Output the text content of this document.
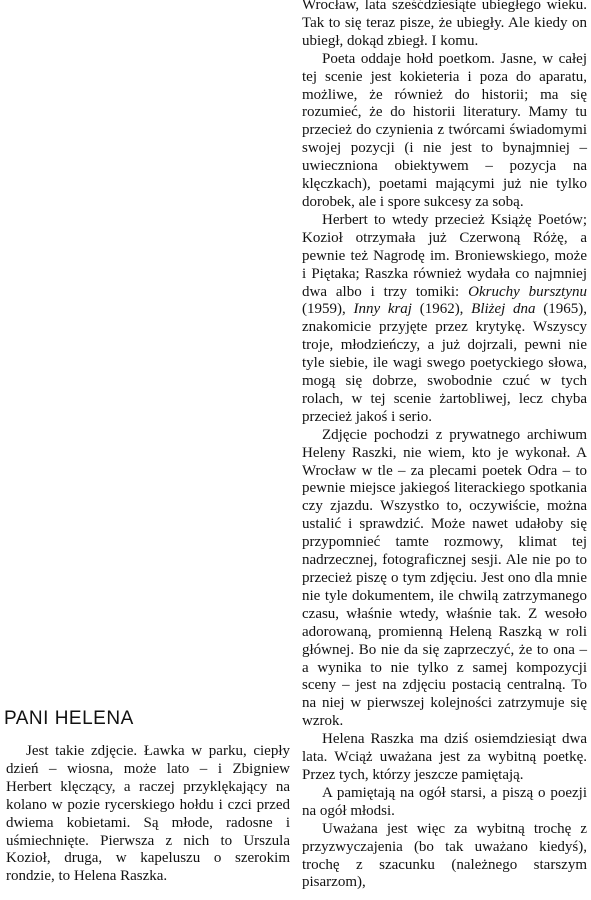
PANI HELENA

Jest takie zdjęcie. Ławka w parku, ciepły dzień – wiosna, może lato – i Zbigniew Herbert klęczący, a raczej przyklękający na kolano w pozie rycerskiego hołdu i czci przed dwiema kobietami. Są młode, radosne i uśmiechnięte. Pierwsza z nich to Urszula Kozioł, druga, w kapeluszu o szerokim rondzie, to Helena Raszka.

Wrocław, lata sześćdziesiąte ubiegłego wieku. Tak to się teraz pisze, że ubiegły. Ale kiedy on ubiegł, dokąd zbiegł. I komu.

Poeta oddaje hołd poetkom. Jasne, w całej tej scenie jest kokieteria i poza do aparatu, możliwe, że również do historii; ma się rozumieć, że do historii literatury. Mamy tu przecież do czynienia z twórcami świadomymi swojej pozycji (i nie jest to bynajmniej – uwieczniona obiektywem – pozycja na klęczkach), poetami mającymi już nie tylko dorobek, ale i spore sukcesy za sobą.

Herbert to wtedy przecież Książę Poetów; Kozioł otrzymała już Czerwoną Różę, a pewnie też Nagrodę im. Broniewskiego, może i Piętaka; Raszka również wydała co najmniej dwa albo i trzy tomiki: Okruchy bursztynu (1959), Inny kraj (1962), Bliżej dna (1965), znakomicie przyjęte przez krytykę. Wszyscy troje, młodzieńczy, a już dojrzali, pewni nie tyle siebie, ile wagi swego poetyckiego słowa, mogą się dobrze, swobodnie czuć w tych rolach, w tej scenie żartobliwej, lecz chyba przecież jakoś i serio.

Zdjęcie pochodzi z prywatnego archiwum Heleny Raszki, nie wiem, kto je wykonał. A Wrocław w tle – za plecami poetek Odra – to pewnie miejsce jakiegoś literackiego spotkania czy zjazdu. Wszystko to, oczywiście, można ustalić i sprawdzić. Może nawet udałoby się przypomnieć tamte rozmowy, klimat tej nadrzecznej, fotograficznej sesji. Ale nie po to przecież piszę o tym zdjęciu. Jest ono dla mnie nie tyle dokumentem, ile chwilą zatrzymanego czasu, właśnie wtedy, właśnie tak. Z wesoło adorowaną, promienną Heleną Raszką w roli głównej. Bo nie da się zaprzeczyć, że to ona – a wynika to nie tylko z samej kompozycji sceny – jest na zdjęciu postacią centralną. To na niej w pierwszej kolejności zatrzymuje się wzrok.

Helena Raszka ma dziś osiemdziesiąt dwa lata. Wciąż uważana jest za wybitną poetkę. Przez tych, którzy jeszcze pamiętają.

A pamiętają na ogół starsi, a piszą o poezji na ogół młodsi.

Uważana jest więc za wybitną trochę z przyzwyczajenia (bo tak uważano kiedyś), trochę z szacunku (należnego starszym pisarzom),
